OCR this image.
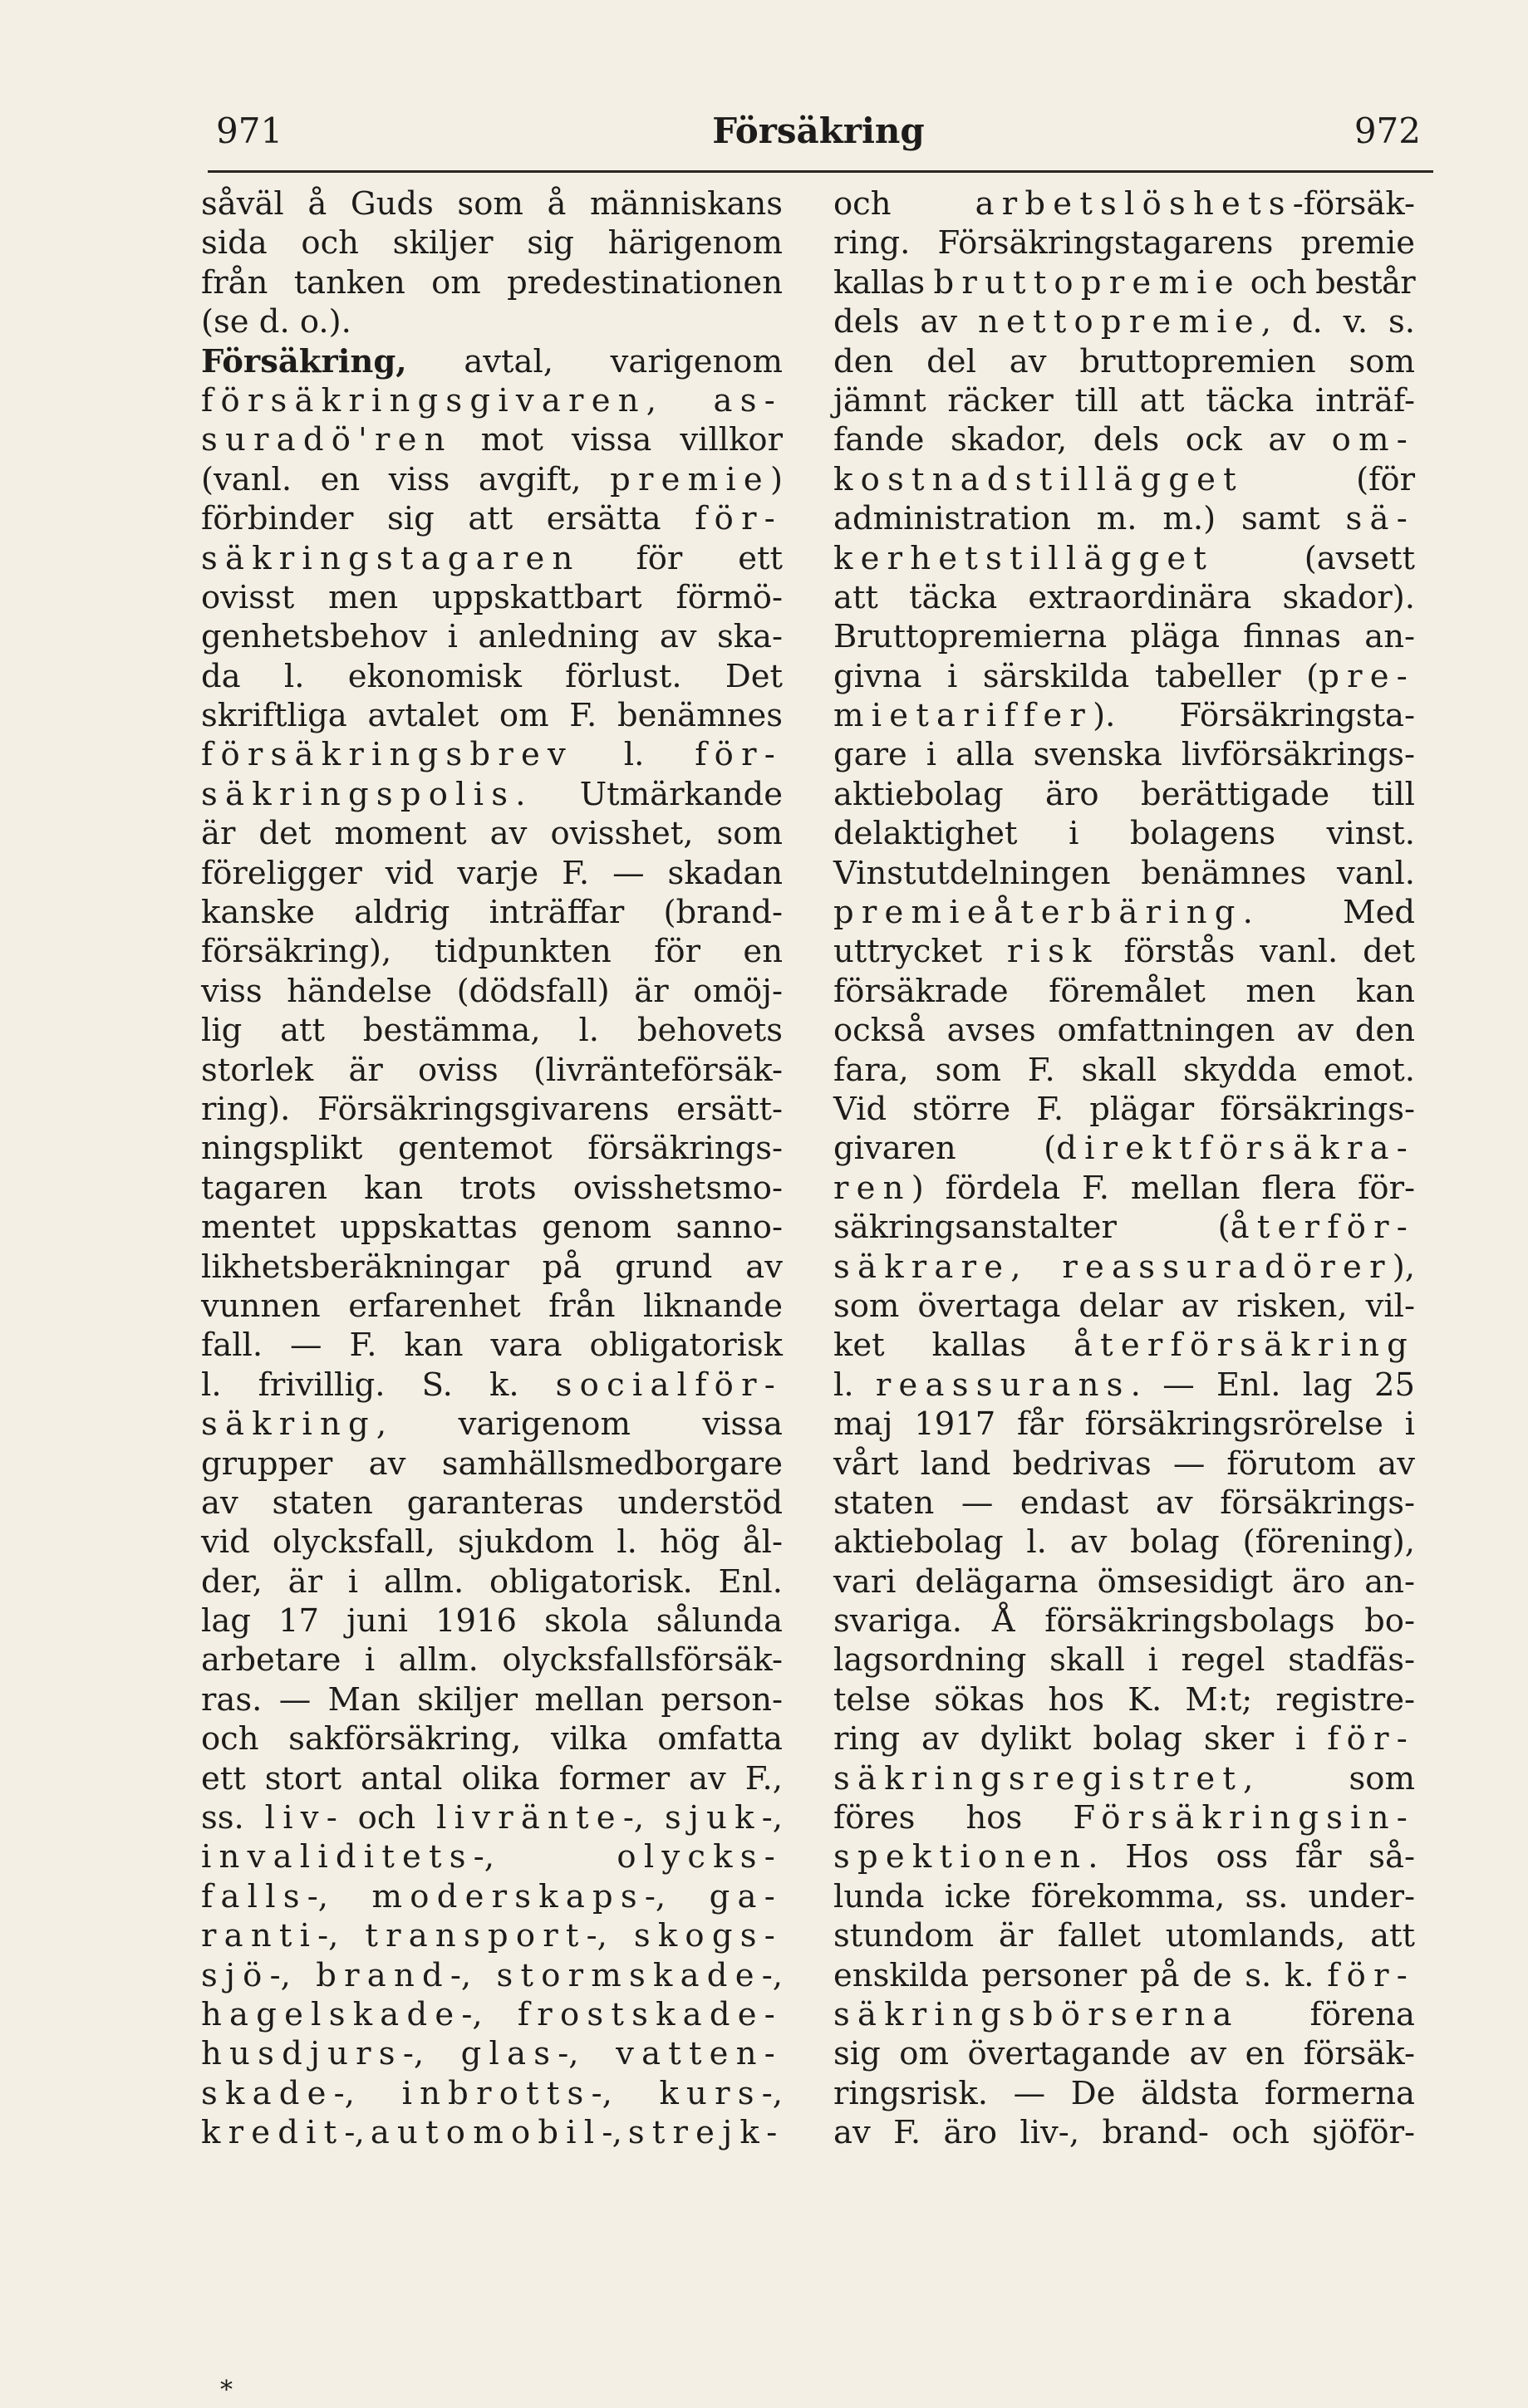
971	Försäkring	972
såväl å Guds som å människans
sida och skiljer sig härigenom
från tanken om predestinationen
(se d. o.).
Försäkring, avtal, varigenom
försäkringsgivaren, as-
suradö'ren mot vissa villkor
(vanl. en viss avgift, premie)
förbinder sig att ersätta för-
säkringstagaren för ett
ovisst men uppskattbart förmö-
genhetsbehov i anledning av ska-
da l. ekonomisk förlust. Det
skriftliga avtalet om F. benämnes
försäkringsbrev l. för-
säkringspolis. Utmärkande
är det moment av ovisshet, som
föreligger vid varje F. — skadan
kanske aldrig inträffar (brand-
försäkring), tidpunkten för en
viss händelse (dödsfall) är omöj-
lig att bestämma, l. behovets
storlek är oviss (livränteförsäk-
ring). Försäkringsgivarens ersätt-
ningsplikt gentemot försäkrings-
tagaren kan trots ovisshetsmo-
mentet uppskattas genom sanno-
likhetsberäkningar på grund av
vunnen erfarenhet från liknande
fall. — F. kan vara obligatorisk
l. frivillig. S. k. socialför-
säkring, varigenom vissa
grupper av samhällsmedborgare
av staten garanteras understöd
vid olycksfall, sjukdom l. hög ål-
der, är i allm. obligatorisk. Enl.
lag 17 juni 1916 skola sålunda
arbetare i allm. olycksfallsförsäk-
ras. — Man skiljer mellan person-
och sakförsäkring, vilka omfatta
ett stort antal olika former av F.,
ss. liv- och livränte-, sjuk-,
invaliditets-, olycks-
falls-, moderskaps-, ga-
ranti-, transport-, skogs-
sjö-, brand-, stormskade-,
hagelskade-, frostskade-
husdjurs-, glas-, vatten-
skade-, inbrotts-, kurs-,
kredit-, automobil-, strejk-
och arbetslöshets-försäk-
ring. Försäkringstagarens premie
kallas bruttopremie och består
dels av nettopremie, d. v. s.
den del av bruttopremien som
jämnt räcker till att täcka inträf-
fande skador, dels ock av om-
kostnadstillägget (för
administration m. m.) samt sä-
kerhetstillägget (avsett
att täcka extraordinära skador).
Bruttopremierna pläga finnas an-
givna i särskilda tabeller (pre-
mietariffer). Försäkringsta-
gare i alla svenska livförsäkrings-
aktiebolag äro berättigade till
delaktighet i bolagens vinst.
Vinstutdelningen benämnes vanl.
premieåterbäring. Med
uttrycket risk förstås vanl. det
försäkrade föremålet men kan
också avses omfattningen av den
fara, som F. skall skydda emot.
Vid större F. plägar försäkrings-
givaren (direktförsäkra-
ren) fördela F. mellan flera för-
säkringsanstalter (återför-
säkrare, reassuradörer),
som övertaga delar av risken, vil-
ket kallas återförsäkring
l. reassurans. — Enl. lag 25
maj 1917 får försäkringsrörelse i
vårt land bedrivas — förutom av
staten — endast av försäkrings-
aktiebolag l. av bolag (förening),
vari delägarna ömsesidigt äro an-
svariga. Å försäkringsbolags bo-
lagsordning skall i regel stadfäs-
telse sökas hos K. M:t; registre-
ring av dylikt bolag sker i för-
säkringsregistret, som
föres hos Försäkringsin-
spektionen. Hos oss får så-
lunda icke förekomma, ss. under-
stundom är fallet utomlands, att
enskilda personer på de s. k. för-
säkringsbörserna förena
sig om övertagande av en försäk-
ringsrisk. — De äldsta formerna
av F. äro liv-, brand- och sjöför-
*
